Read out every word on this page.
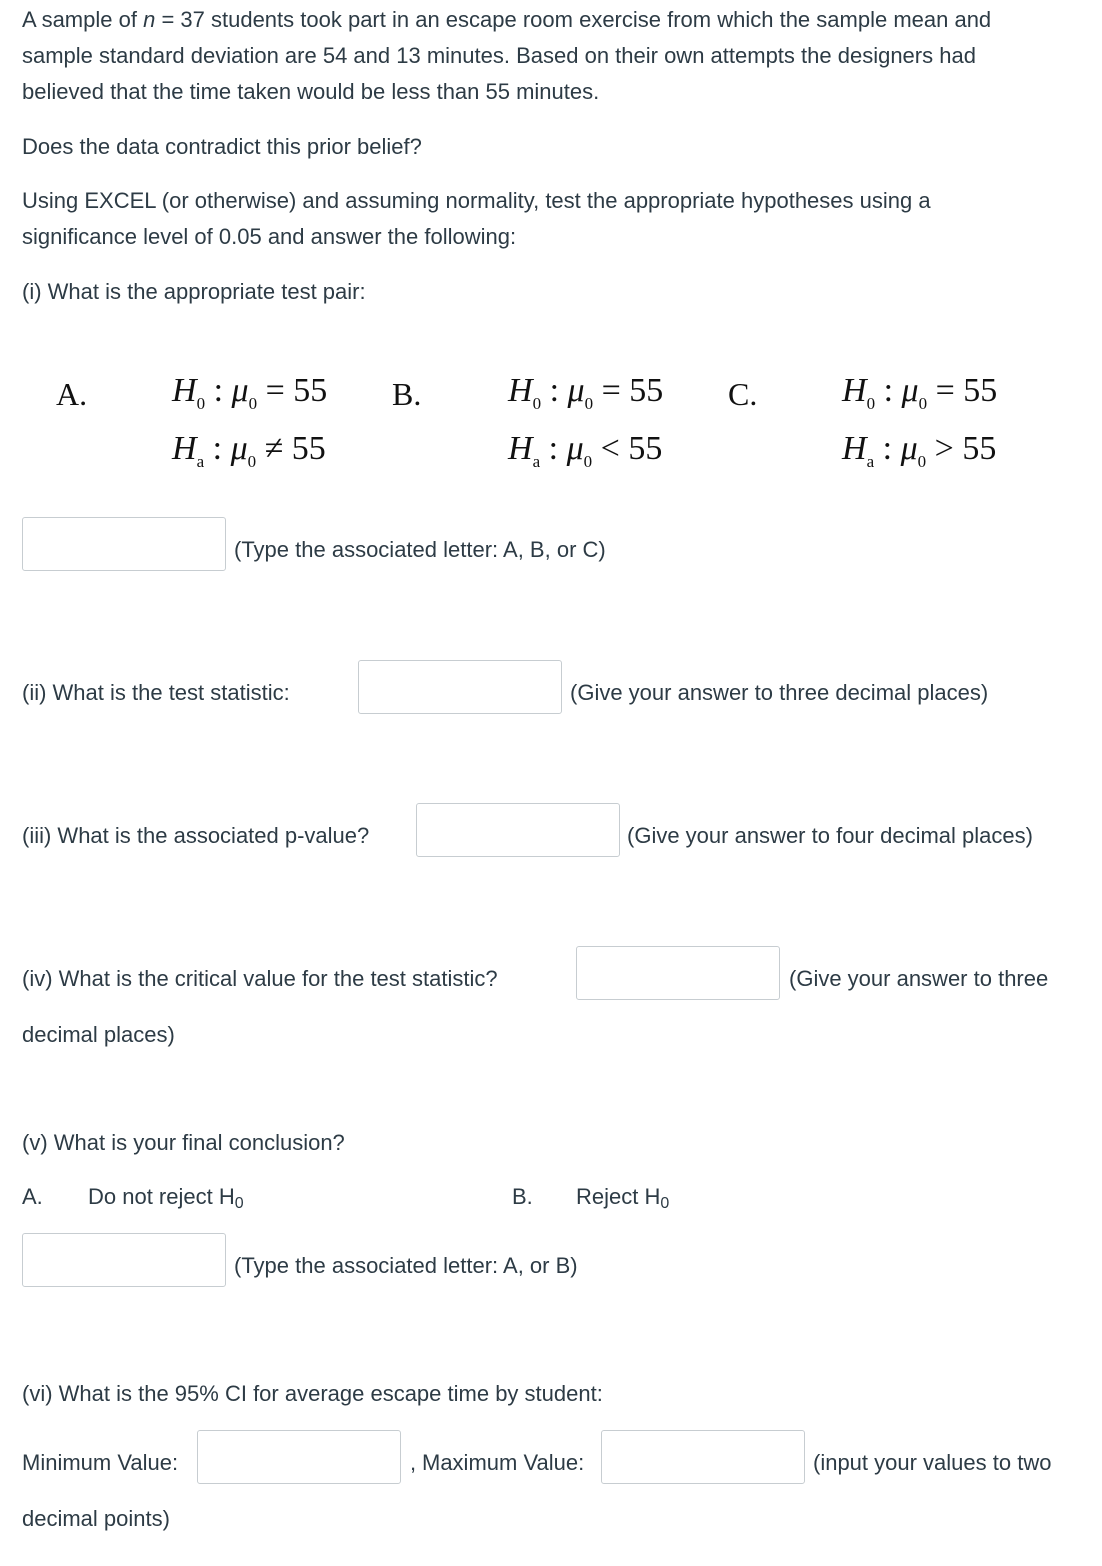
A sample of n = 37 students took part in an escape room exercise from which the sample mean and
sample standard deviation are 54 and 13 minutes. Based on their own attempts the designers had
believed that the time taken would be less than 55 minutes.
Does the data contradict this prior belief?
Using EXCEL (or otherwise) and assuming normality, test the appropriate hypotheses using a
significance level of 0.05 and answer the following:
(i) What is the appropriate test pair:
A. $H_0$ : $\mu_0 = 55$
$H_a$ : $\mu_0 \ne 55$
B.	$H_0$ : $\mu_0 = 55$
$H_a$ : $\mu_0 < 55$
C. $H_0$ : $\mu_0 = 55$
$H_a$ : $\mu_0 > 55$
(Type the associated letter: A, B, or C)
(ii) What is the test statistic:	(Give your answer to three decimal places)
(iii) What is the associated p-value?	(Give your answer to four decimal places)
(iv) What is the critical value for the test statistic?	(Give your answer to three
decimal places)
(v) What is your final conclusion?
A. Do not reject H0	B. Reject H0
(Type the associated letter: A, or B)
(vi) What is the 95% CI for average escape time by student:
Minimum Value:	, Maximum Value:	(input your values to two
decimal points)
